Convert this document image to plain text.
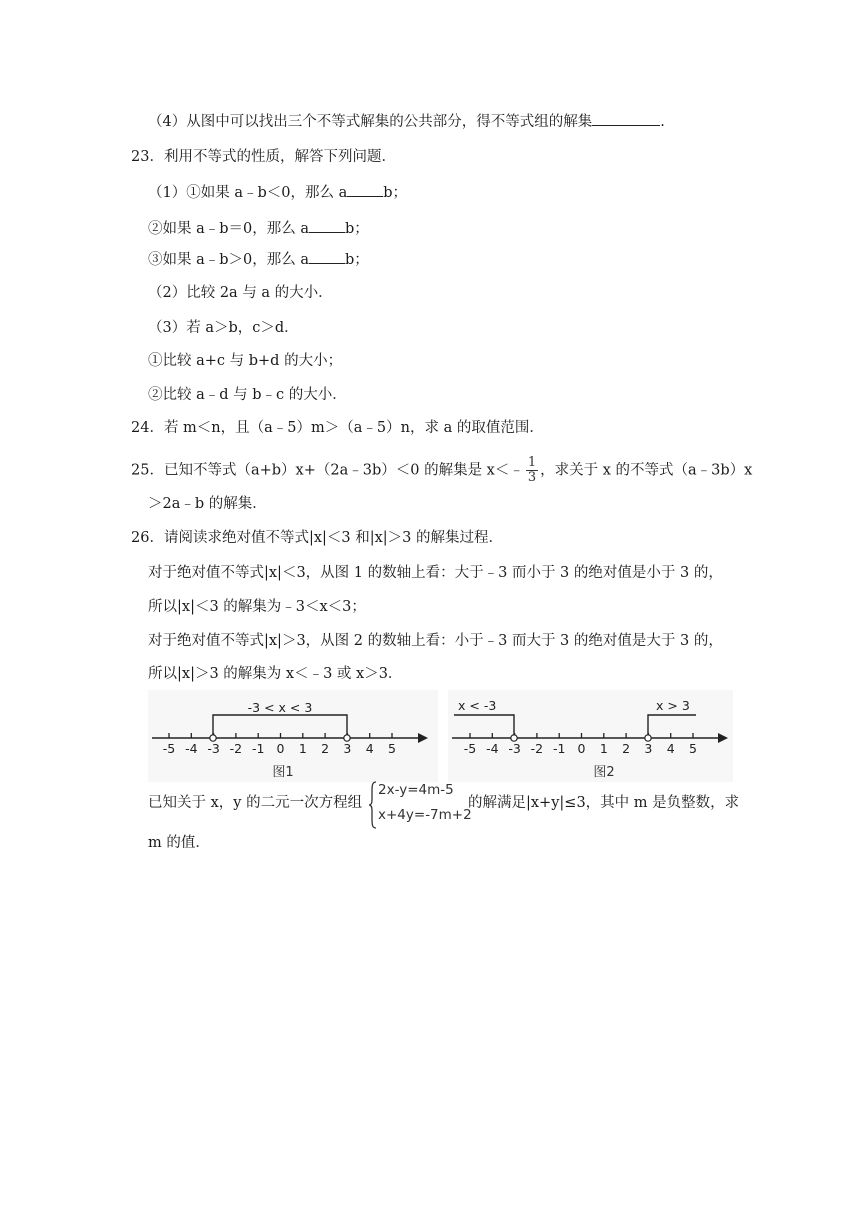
（4）从图中可以找出三个不等式解集的公共部分，得不等式组的解集	.
23．利用不等式的性质，解答下列问题．
（1）①如果 a﹣b＜0，那么 a b；
②如果 a﹣b＝0，那么 a b；
③如果 a﹣b＞0，那么 a b；
（2）比较 2a 与 a 的大小．
（3）若 a＞b，c＞d．
①比较 a+c 与 b+d 的大小；
②比较 a﹣d 与 b﹣c 的大小．
24．若 m＜n，且（a﹣5）m＞（a﹣5）n，求 a 的取值范围．
25．已知不等式（a+b）x+（2a﹣3b）＜0 的解集是 x＜﹣ $\frac{1}{3}$ ，求关于 x 的不等式（a﹣3b）x
＞2a﹣b 的解集．
26．请阅读求绝对值不等式|x|＜3 和|x|＞3 的解集过程．
对于绝对值不等式|x|＜3，从图 1 的数轴上看：大于﹣3 而小于 3 的绝对值是小于 3 的，
所以|x|＜3 的解集为﹣3＜x＜3；
对于绝对值不等式|x|＞3，从图 2 的数轴上看：小于﹣3 而大于 3 的绝对值是大于 3 的，
所以|x|＞3 的解集为 x＜﹣3 或 x＞3．
-5 -4 -3 -2 -1 0 1 2 3 4 5
-3 < x < 3
图1
-5 -4 -3 -2 -1 0 1 2 3 4 5
x < -3	x > 3
图2
已知关于 x，y 的二元一次方程组
2x-y=4m-5
x+4y=-7m+2
的解满足|x+y|≤3，其中 m 是负整数，求
m 的值．
